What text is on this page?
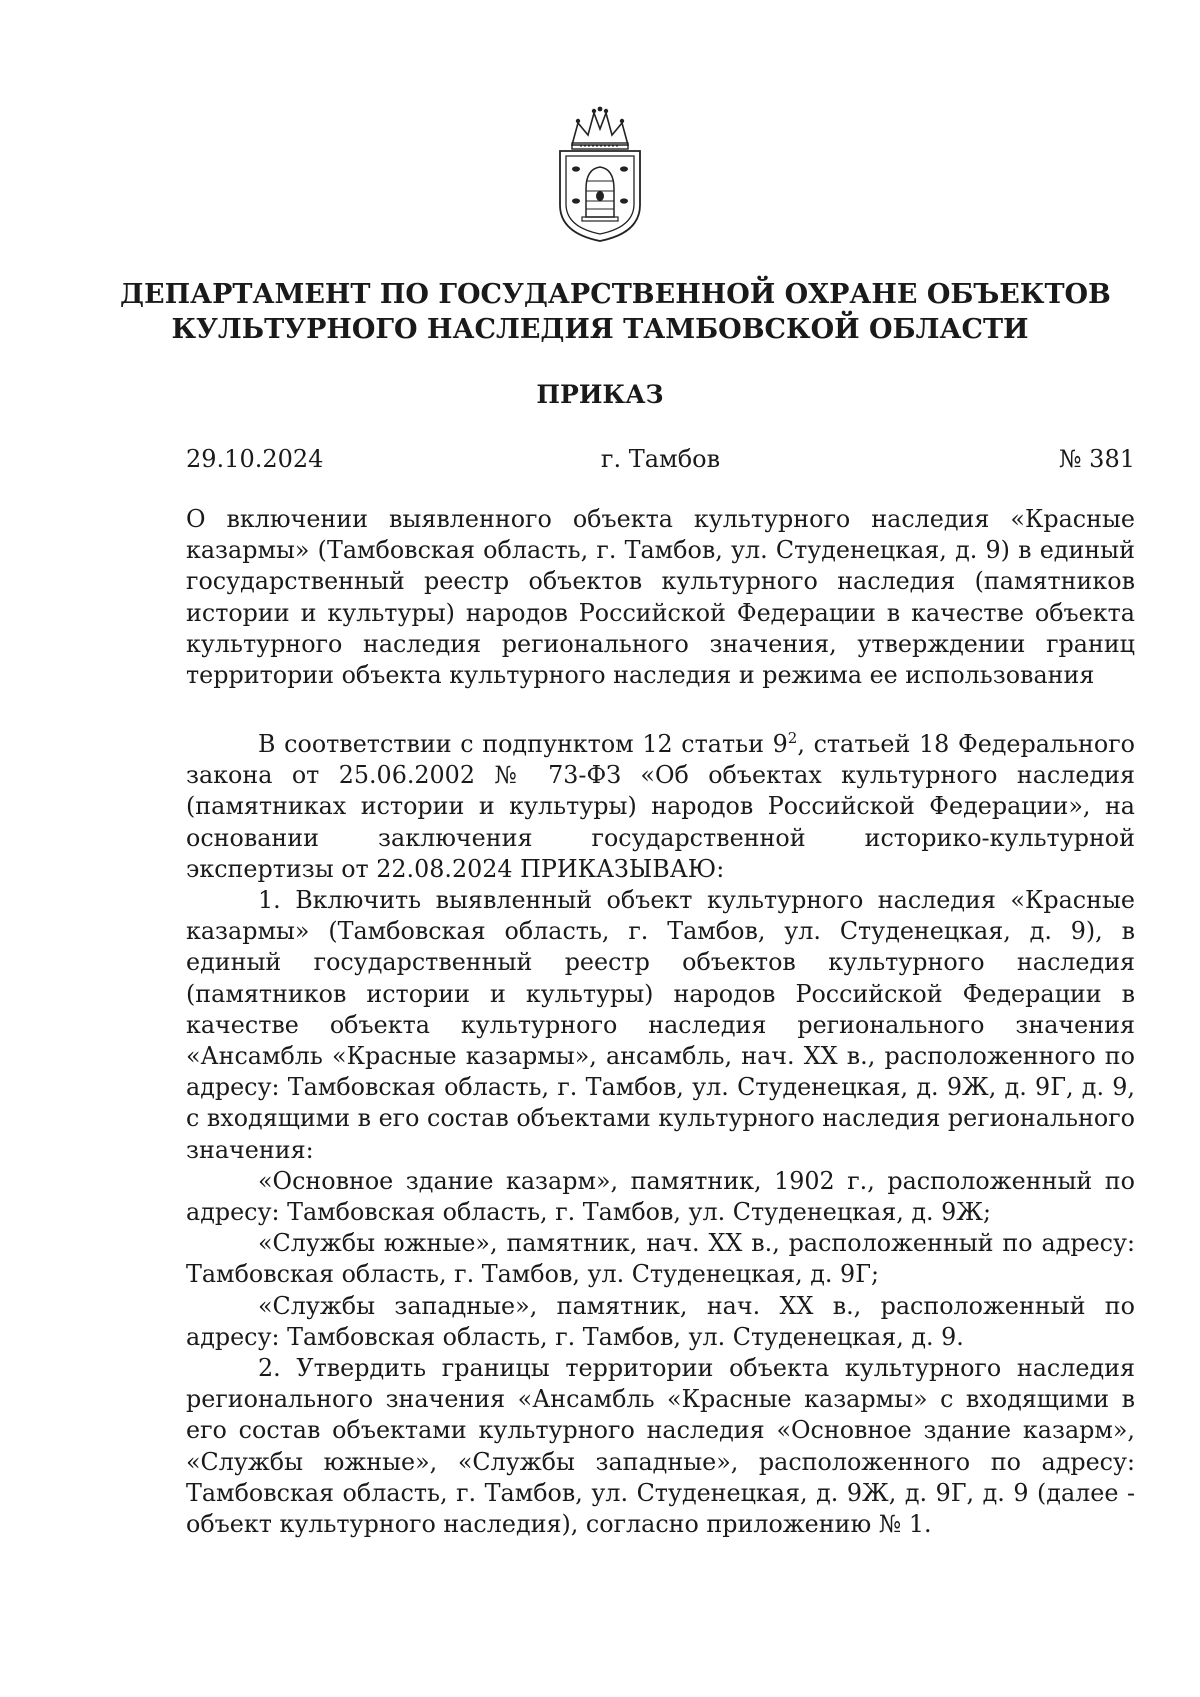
ДЕПАРТАМЕНТ ПО ГОСУДАРСТВЕННОЙ ОХРАНЕ ОБЪЕКТОВ
КУЛЬТУРНОГО НАСЛЕДИЯ ТАМБОВСКОЙ ОБЛАСТИ
ПРИКАЗ
29.10.2024	г. Тамбов	№ 381

О включении выявленного объекта культурного наследия «Красные казармы» (Тамбовская область, г. Тамбов, ул. Студенецкая, д. 9) в единый государственный реестр объектов культурного наследия (памятников истории и культуры) народов Российской Федерации в качестве объекта культурного наследия регионального значения, утверждении границ территории объекта культурного наследия и режима ее использования

В соответствии с подпунктом 12 статьи $9^2$, статьей 18 Федерального закона от 25.06.2002 № 73-ФЗ «Об объектах культурного наследия (памятниках истории и культуры) народов Российской Федерации», на основании заключения государственной историко-культурной экспертизы от 22.08.2024 ПРИКАЗЫВАЮ:

1. Включить выявленный объект культурного наследия «Красные казармы» (Тамбовская область, г. Тамбов, ул. Студенецкая, д. 9), в единый государственный реестр объектов культурного наследия (памятников истории и культуры) народов Российской Федерации в качестве объекта культурного наследия регионального значения «Ансамбль «Красные казармы», ансамбль, нач. XX в., расположенного по адресу: Тамбовская область, г. Тамбов, ул. Студенецкая, д. 9Ж, д. 9Г, д. 9, с входящими в его состав объектами культурного наследия регионального значения:

«Основное здание казарм», памятник, 1902 г., расположенный по адресу: Тамбовская область, г. Тамбов, ул. Студенецкая, д. 9Ж;

«Службы южные», памятник, нач. XX в., расположенный по адресу: Тамбовская область, г. Тамбов, ул. Студенецкая, д. 9Г;

«Службы западные», памятник, нач. XX в., расположенный по адресу: Тамбовская область, г. Тамбов, ул. Студенецкая, д. 9.

2. Утвердить границы территории объекта культурного наследия регионального значения «Ансамбль «Красные казармы» с входящими в его состав объектами культурного наследия «Основное здание казарм», «Службы южные», «Службы западные», расположенного по адресу: Тамбовская область, г. Тамбов, ул. Студенецкая, д. 9Ж, д. 9Г, д. 9 (далее - объект культурного наследия), согласно приложению № 1.
